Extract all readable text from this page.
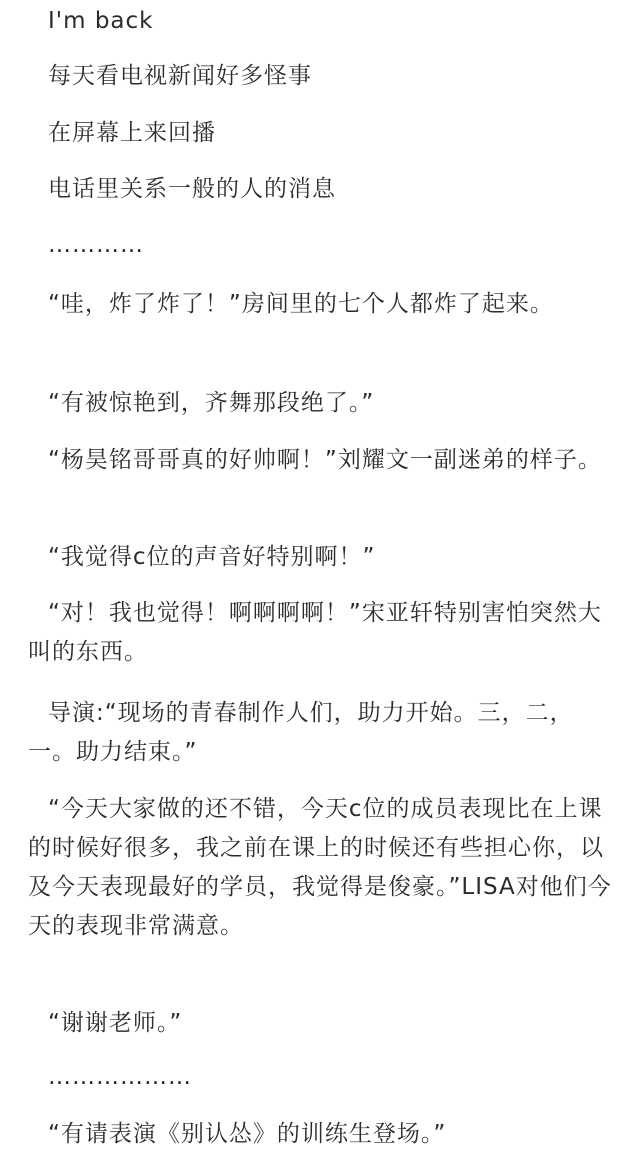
I'm back

每天看电视新闻好多怪事

在屏幕上来回播

电话里关系一般的人的消息

…………

“哇，炸了炸了！”房间里的七个人都炸了起来。

“有被惊艳到，齐舞那段绝了。”

“杨昊铭哥哥真的好帅啊！”刘耀文一副迷弟的样子。

“我觉得c位的声音好特别啊！”

“对！我也觉得！啊啊啊啊！”宋亚轩特别害怕突然大叫的东西。

导演:“现场的青春制作人们，助力开始。三，二，一。助力结束。”

“今天大家做的还不错，今天c位的成员表现比在上课的时候好很多，我之前在课上的时候还有些担心你，以及今天表现最好的学员，我觉得是俊豪。”LISA对他们今天的表现非常满意。

“谢谢老师。”

………………

“有请表演《别认怂》的训练生登场。”
